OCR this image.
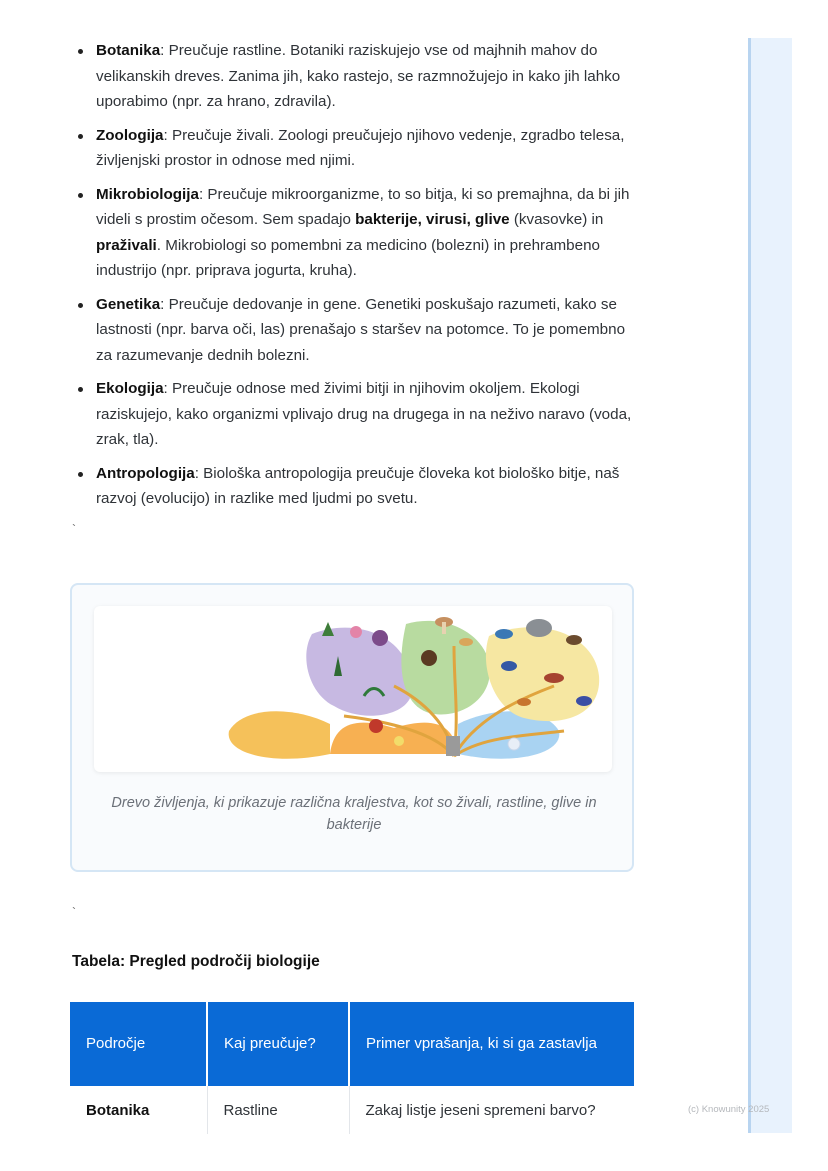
Botanika: Preučuje rastline. Botaniki raziskujejo vse od majhnih mahov do velikanskih dreves. Zanima jih, kako rastejo, se razmnožujejo in kako jih lahko uporabimo (npr. za hrano, zdravila).
Zoologija: Preučuje živali. Zoologi preučujejo njihovo vedenje, zgradbo telesa, življenjski prostor in odnose med njimi.
Mikrobiologija: Preučuje mikroorganizme, to so bitja, ki so premajhna, da bi jih videli s prostim očesom. Sem spadajo bakterije, virusi, glive (kvasovke) in praživali. Mikrobiologi so pomembni za medicino (bolezni) in prehrambeno industrijo (npr. priprava jogurta, kruha).
Genetika: Preučuje dedovanje in gene. Genetiki poskušajo razumeti, kako se lastnosti (npr. barva oči, las) prenašajo s staršev na potomce. To je pomembno za razumevanje dednih bolezni.
Ekologija: Preučuje odnose med živimi bitji in njihovim okoljem. Ekologi raziskujejo, kako organizmi vplivajo drug na drugega in na neživo naravo (voda, zrak, tla).
Antropologija: Biološka antropologija preučuje človeka kot biološko bitje, naš razvoj (evolucijo) in razlike med ljudmi po svetu.
`
Drevo življenja, ki prikazuje različna kraljestva, kot so živali, rastline, glive in bakterije
`
Tabela: Pregled področij biologije
Področje	Kaj preučuje?	Primer vprašanja, ki si ga zastavlja
Botanika	Rastline	Zakaj listje jeseni spremeni barvo?	(c) Knowunity 2025
